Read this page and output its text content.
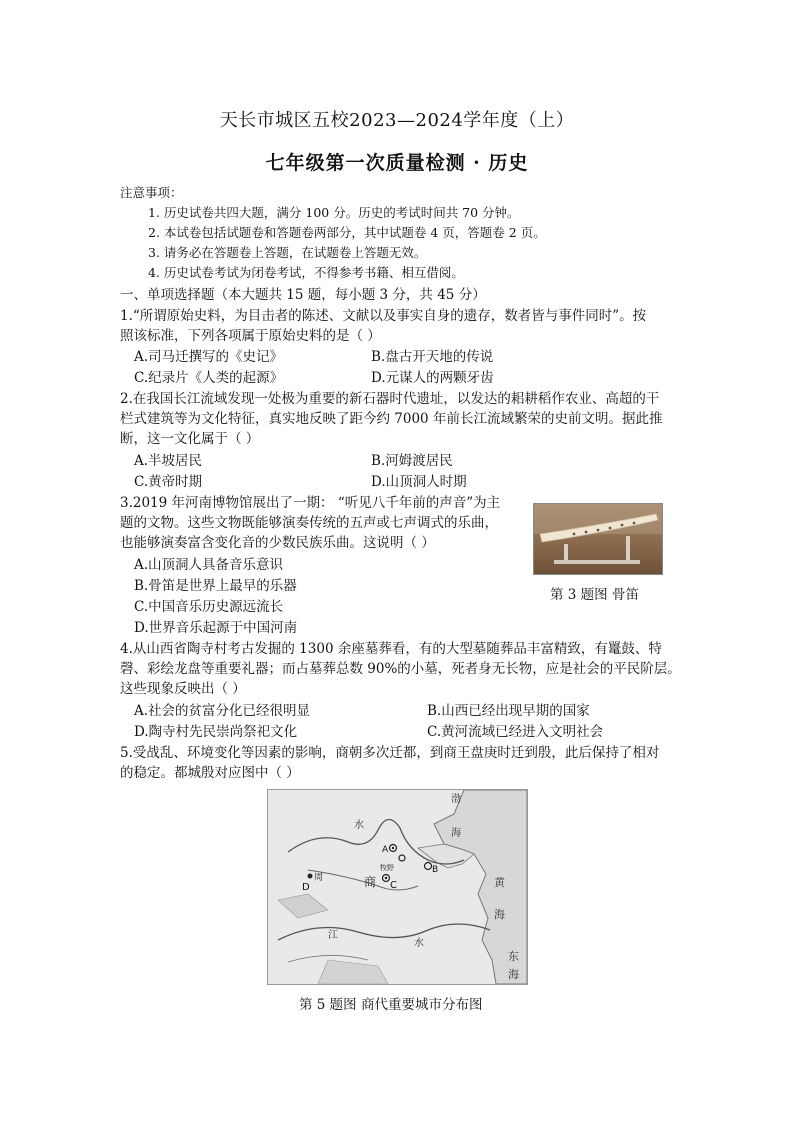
天长市城区五校2023—2024学年度（上）
七年级第一次质量检测 · 历史
注意事项：
1. 历史试卷共四大题，满分 100 分。历史的考试时间共 70 分钟。
2. 本试卷包括试题卷和答题卷两部分，其中试题卷 4 页，答题卷 2 页。
3. 请务必在答题卷上答题，在试题卷上答题无效。
4. 历史试卷考试为闭卷考试，不得参考书籍、相互借阅。
一、单项选择题（本大题共 15 题，每小题 3 分，共 45 分）
1.“所谓原始史料，为目击者的陈述、文献以及事实自身的遗存，数者皆与事件同时”。按
照该标准，下列各项属于原始史料的是（ ）
A.司马迁撰写的《史记》	B.盘古开天地的传说
C.纪录片《人类的起源》	D.元谋人的两颗牙齿
2.在我国长江流域发现一处极为重要的新石器时代遗址，以发达的耜耕稻作农业、高超的干
栏式建筑等为文化特征，真实地反映了距今约 7000 年前长江流域繁荣的史前文明。据此推
断，这一文化属于（ ）
A.半坡居民	B.河姆渡居民
C.黄帝时期	D.山顶洞人时期
3.2019 年河南博物馆展出了一期： “听见八千年前的声音”为主
题的文物。这些文物既能够演奏传统的五声或七声调式的乐曲，
也能够演奏富含变化音的少数民族乐曲。这说明（ ）
A.山顶洞人具备音乐意识
B.骨笛是世界上最早的乐器
C.中国音乐历史源远流长
D.世界音乐起源于中国河南
第 3 题图 骨笛
4.从山西省陶寺村考古发掘的 1300 余座墓葬看，有的大型墓随葬品丰富精致，有鼍鼓、特
磬、彩绘龙盘等重要礼器；而占墓葬总数 90%的小墓，死者身无长物，应是社会的平民阶层。
这些现象反映出（ ）
A.社会的贫富分化已经很明显	B.山西已经出现早期的国家
D.陶寺村先民崇尚祭祀文化	C.黄河流域已经进入文明社会
5.受战乱、环境变化等因素的影响，商朝多次迁都，到商王盘庚时迁到殷，此后保持了相对
的稳定。都城殷对应图中（ ）
渤
海
黄
海
东
海
水
江
水
商
周
牧野
A
B
C
D
第 5 题图 商代重要城市分布图
